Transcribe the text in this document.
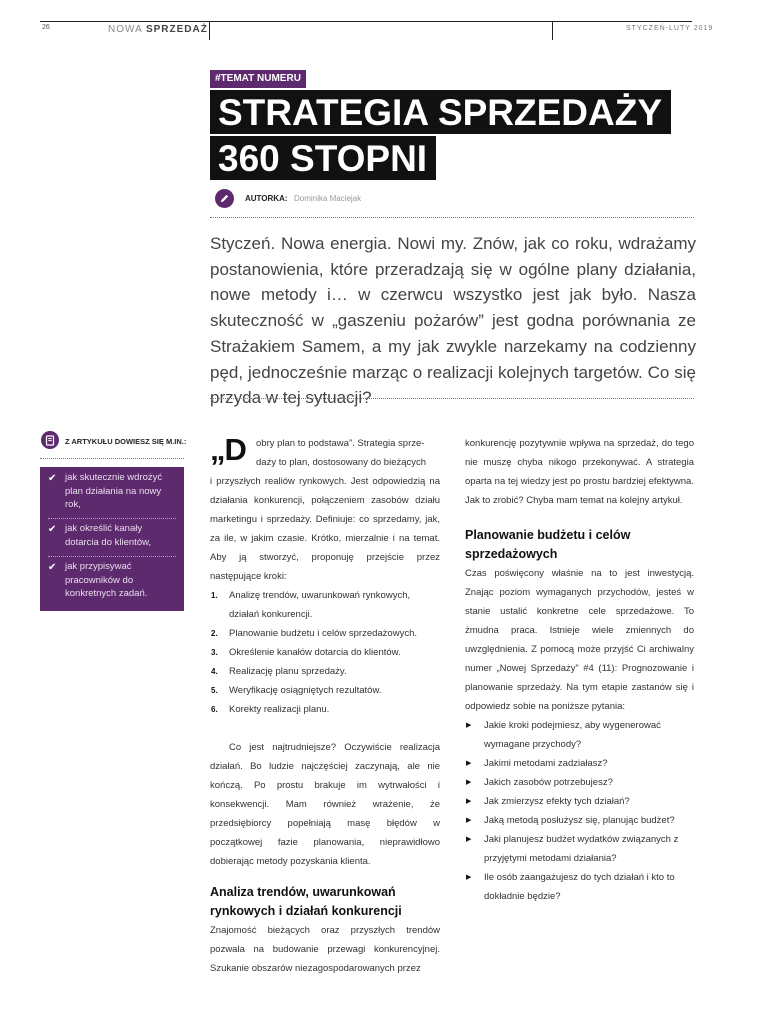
26	NOWA SPRZEDAŻ	STYCZEŃ-LUTY 2019
#TEMAT NUMERU
STRATEGIA SPRZEDAŻY
360 STOPNI
AUTORKA: Dominika Maciejak
Styczeń. Nowa energia. Nowi my. Znów, jak co roku, wdrażamy postanowienia, które przeradzają się w ogólne plany działania, nowe metody i… w czerwcu wszystko jest jak było. Nasza skuteczność w „gaszeniu pożarów” jest godna porównania ze Strażakiem Samem, a my jak zwykle narzekamy na codzienny pęd, jednocześnie marząc o realizacji kolejnych targetów. Co się przyda w tej sytuacji?
Z ARTYKUŁU DOWIESZ SIĘ M.IN.:
✔ jak skutecznie wdrożyć plan działania na nowy rok,
✔ jak określić kanały dotarcia do klientów,
✔ jak przypisywać pracowników do konkretnych zadań.
„D	obry plan to podstawa”. Strategia sprze-

daży to plan, dostosowany do bieżących

i przyszłych realiów rynkowych. Jest odpowiedzią na działania konkurencji, połączeniem zasobów działu marketingu i sprzedaży. Definiuje: co sprzedamy, jak, za ile, w jakim czasie. Krótko, mierzalnie i na temat. Aby ją stworzyć, proponuję przejście przez następujące kroki:

1. Analizę trendów, uwarunkowań rynkowych, działań konkurencji.
2. Planowanie budżetu i celów sprzedażowych.
3. Określenie kanałów dotarcia do klientów.
4. Realizację planu sprzedaży.
5. Weryfikację osiągniętych rezultatów.
6. Korekty realizacji planu.

Co jest najtrudniejsze? Oczywiście realizacja działań. Bo ludzie najczęściej zaczynają, ale nie kończą. Po prostu brakuje im wytrwałości i konsekwencji. Mam również wrażenie, że przedsiębiorcy popełniają masę błędów w początkowej fazie planowania, nieprawidłowo dobierając metody pozyskania klienta.

Analiza trendów, uwarunkowań rynkowych i działań konkurencji

Znajomość bieżących oraz przyszłych trendów pozwala na budowanie przewagi konkurencyjnej. Szukanie obszarów niezagospodarowanych przez

konkurencję pozytywnie wpływa na sprzedaż, do tego nie muszę chyba nikogo przekonywać. A strategia oparta na tej wiedzy jest po prostu bardziej efektywna. Jak to zrobić? Chyba mam temat na kolejny artykuł.

Planowanie budżetu i celów sprzedażowych

Czas poświęcony właśnie na to jest inwestycją. Znając poziom wymaganych przychodów, jesteś w stanie ustalić konkretne cele sprzedażowe. To żmudna praca. Istnieje wiele zmiennych do uwzględnienia. Z pomocą może przyjść Ci archiwalny numer „Nowej Sprzedaży” #4 (11): Prognozowanie i planowanie sprzedaży. Na tym etapie zastanów się i odpowiedz sobie na poniższe pytania:

▶ Jakie kroki podejmiesz, aby wygenerować wymagane przychody?
▶ Jakimi metodami zadziałasz?
▶ Jakich zasobów potrzebujesz?
▶ Jak zmierzysz efekty tych działań?
▶ Jaką metodą posłużysz się, planując budżet?
▶ Jaki planujesz budżet wydatków związanych z przyjętymi metodami działania?
▶ Ile osób zaangażujesz do tych działań i kto to dokładnie będzie?
